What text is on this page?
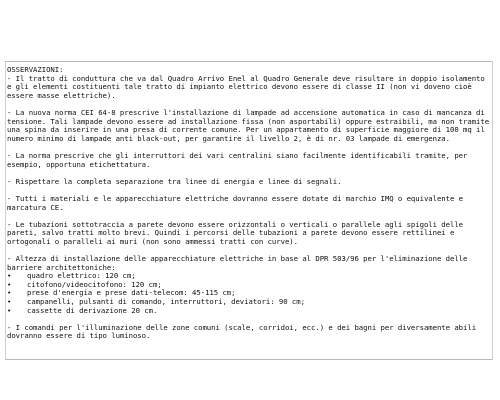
OSSERVAZIONI:

- Il tratto di conduttura che va dal Quadro Arrivo Enel al Quadro Generale deve risultare in doppio isolamento e gli elementi costituenti tale tratto di impianto elettrico devono essere di classe II (non vi doveno cioè essere masse elettriche).

- La nuova norma CEI 64-8 prescrive l'installazione di lampade ad accensione automatica in caso di mancanza di tensione. Tali lampade devono essere ad installazione fissa (non asportabili) oppure estraibili, ma non tramite una spina da inserire in una presa di corrente comune. Per un appartamento di superficie maggiore di 100 mq il numero minimo di lampade anti black-out, per garantire il livello 2, è di nr. 03 lampade di emergenza.

- La norma prescrive che gli interruttori dei vari centralini siano facilmente identificabili tramite, per esempio, opportuna etichettatura.

- Rispettare la completa separazione tra linee di energia e linee di segnali.

- Tutti i materiali e le apparecchiature elettriche dovranno essere dotate di marchio IMQ o equivalente e marcatura CE.

- Le tubazioni sottotraccia a parete devono essere orizzontali o verticali o parallele agli spigoli delle pareti, salvo tratti molto brevi. Quindi i percorsi delle tubazioni a parete devono essere rettilinei e ortogonali o paralleli ai muri (non sono ammessi tratti con curve).

- Altezza di installazione delle apparecchiature elettriche in base al DPR 503/96 per l'eliminazione delle barriere architettoniche:

•	quadro elettrico: 120 cm;
•	citofono/videocitofono: 120 cm;
•	prese d'energia e prese dati-telecom: 45-115 cm;
•	campanelli, pulsanti di comando, interruttori, deviatori: 90 cm;
•	cassette di derivazione 20 cm.

- I comandi per l'illuminazione delle zone comuni (scale, corridoi, ecc.) e dei bagni per diversamente abili dovranno essere di tipo luminoso.
